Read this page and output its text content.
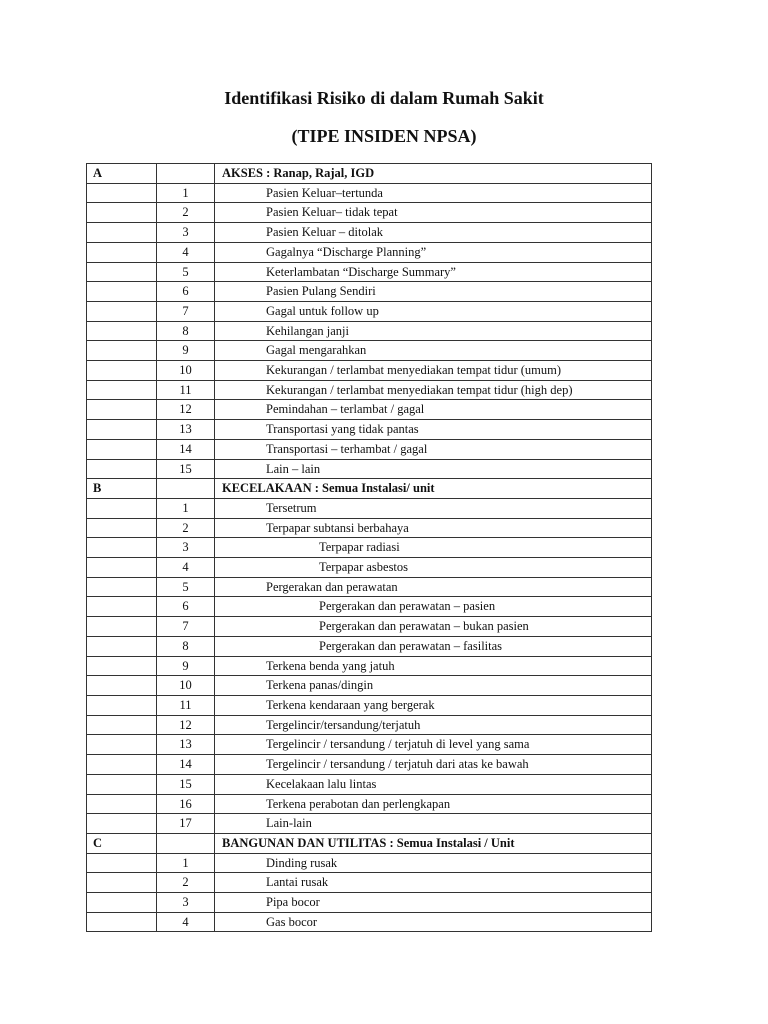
Identifikasi Risiko di dalam Rumah Sakit
(TIPE INSIDEN NPSA)
A		AKSES : Ranap, Rajal, IGD
	1	Pasien Keluar–tertunda
	2	Pasien Keluar– tidak tepat
	3	Pasien Keluar – ditolak
	4	Gagalnya “Discharge Planning”
	5	Keterlambatan “Discharge Summary”
	6	Pasien Pulang Sendiri
	7	Gagal untuk follow up
	8	Kehilangan janji
	9	Gagal mengarahkan
	10	Kekurangan / terlambat menyediakan tempat tidur (umum)
	11	Kekurangan / terlambat menyediakan tempat tidur (high dep)
	12	Pemindahan – terlambat / gagal
	13	Transportasi yang tidak pantas
	14	Transportasi – terhambat / gagal
	15	Lain – lain
B		KECELAKAAN : Semua Instalasi/ unit
	1	Tersetrum
	2	Terpapar subtansi berbahaya
	3	Terpapar radiasi
	4	Terpapar asbestos
	5	Pergerakan dan perawatan
	6	Pergerakan dan perawatan – pasien
	7	Pergerakan dan perawatan – bukan pasien
	8	Pergerakan dan perawatan – fasilitas
	9	Terkena benda yang jatuh
	10	Terkena panas/dingin
	11	Terkena kendaraan yang bergerak
	12	Tergelincir/tersandung/terjatuh
	13	Tergelincir / tersandung / terjatuh di level yang sama
	14	Tergelincir / tersandung / terjatuh dari atas ke bawah
	15	Kecelakaan lalu lintas
	16	Terkena perabotan dan perlengkapan
	17	Lain-lain
C		BANGUNAN DAN UTILITAS : Semua Instalasi / Unit
	1	Dinding rusak
	2	Lantai rusak
	3	Pipa bocor
	4	Gas bocor
